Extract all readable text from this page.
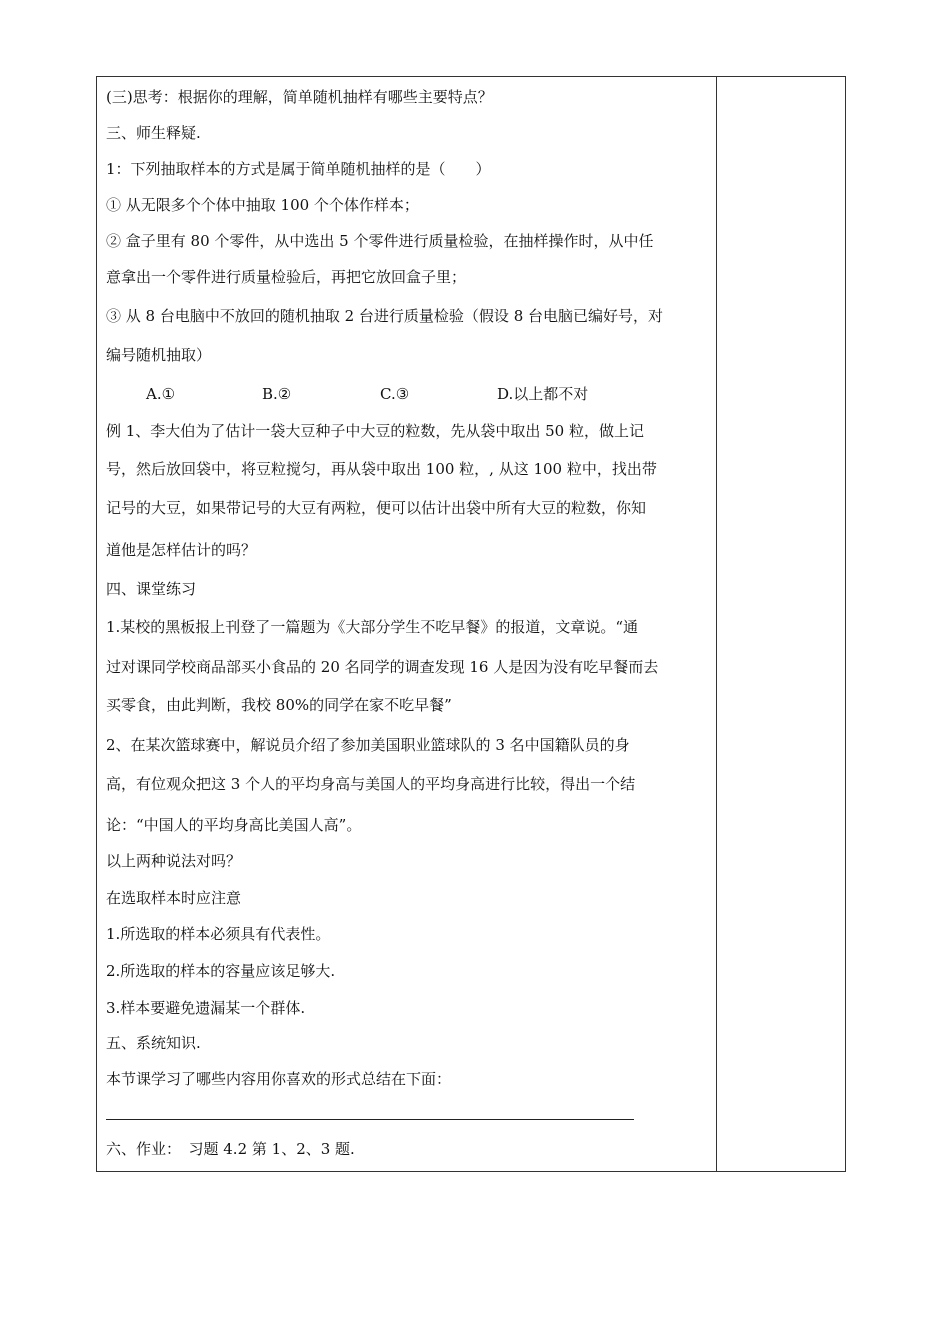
(三)思考：根据你的理解，简单随机抽样有哪些主要特点？
三、师生释疑.
1：下列抽取样本的方式是属于简单随机抽样的是（　　）
① 从无限多个个体中抽取 100 个个体作样本；
② 盒子里有 80 个零件，从中选出 5 个零件进行质量检验，在抽样操作时，从中任
意拿出一个零件进行质量检验后，再把它放回盒子里；
③ 从 8 台电脑中不放回的随机抽取 2 台进行质量检验（假设 8 台电脑已编好号，对
编号随机抽取）
A.①	B.②	C.③	D.以上都不对
例 1、李大伯为了估计一袋大豆种子中大豆的粒数，先从袋中取出 50 粒，做上记
号，然后放回袋中，将豆粒搅匀，再从袋中取出 100 粒，, 从这 100 粒中，找出带
记号的大豆，如果带记号的大豆有两粒，便可以估计出袋中所有大豆的粒数，你知
道他是怎样估计的吗？
四、课堂练习
1.某校的黑板报上刊登了一篇题为《大部分学生不吃早餐》的报道，文章说。“通
过对课同学校商品部买小食品的 20 名同学的调查发现 16 人是因为没有吃早餐而去
买零食，由此判断，我校 80%的同学在家不吃早餐”
2、在某次篮球赛中，解说员介绍了参加美国职业篮球队的 3 名中国籍队员的身
高，有位观众把这 3 个人的平均身高与美国人的平均身高进行比较，得出一个结
论：“中国人的平均身高比美国人高”。
以上两种说法对吗？
在选取样本时应注意
1.所选取的样本必须具有代表性。
2.所选取的样本的容量应该足够大.
3.样本要避免遗漏某一个群体.
五、系统知识.
本节课学习了哪些内容用你喜欢的形式总结在下面：
六、作业：　习题 4.2 第 1、2、3 题.
